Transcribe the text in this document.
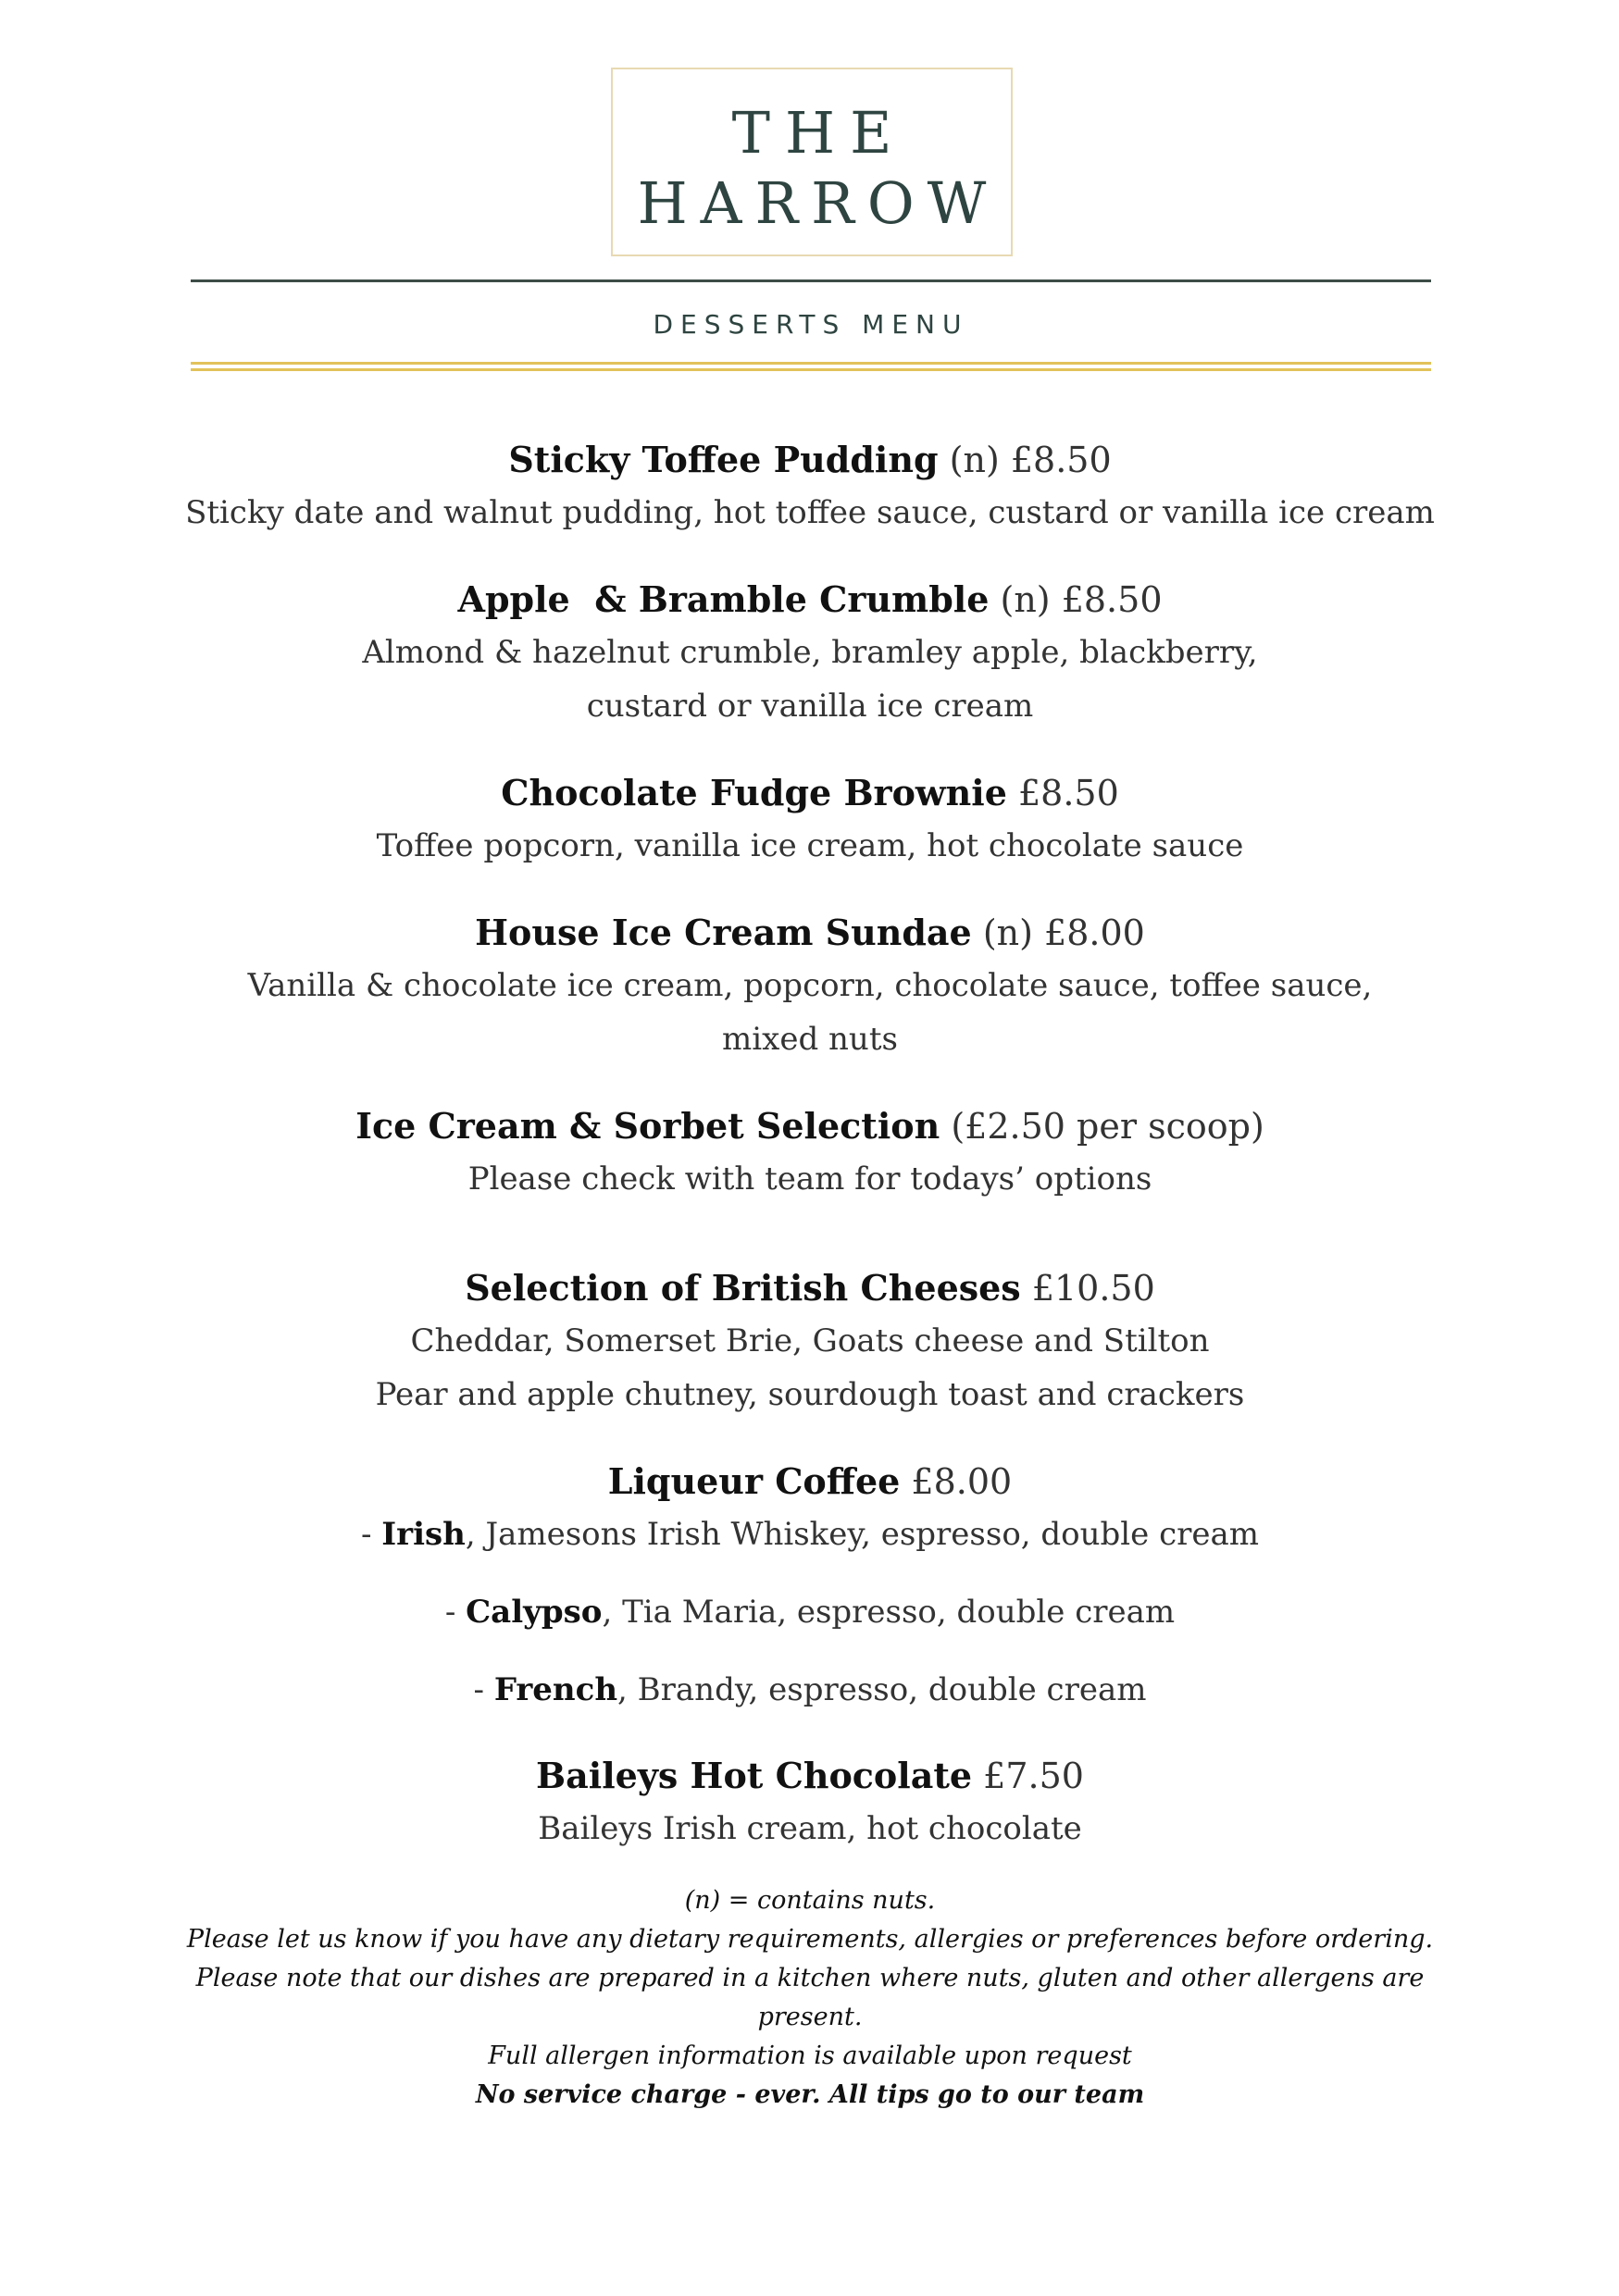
THE
HARROW
DESSERTS MENU
Sticky Toffee Pudding (n) £8.50
Sticky date and walnut pudding, hot toffee sauce, custard or vanilla ice cream
Apple  & Bramble Crumble (n) £8.50
Almond & hazelnut crumble, bramley apple, blackberry,
custard or vanilla ice cream
Chocolate Fudge Brownie £8.50
Toffee popcorn, vanilla ice cream, hot chocolate sauce
House Ice Cream Sundae (n) £8.00
Vanilla & chocolate ice cream, popcorn, chocolate sauce, toffee sauce,
mixed nuts
Ice Cream & Sorbet Selection (£2.50 per scoop)
Please check with team for todays’ options
Selection of British Cheeses £10.50
Cheddar, Somerset Brie, Goats cheese and Stilton
Pear and apple chutney, sourdough toast and crackers
Liqueur Coffee £8.00
- Irish, Jamesons Irish Whiskey, espresso, double cream
- Calypso, Tia Maria, espresso, double cream
- French, Brandy, espresso, double cream
Baileys Hot Chocolate £7.50
Baileys Irish cream, hot chocolate
(n) = contains nuts.
Please let us know if you have any dietary requirements, allergies or preferences before ordering.
Please note that our dishes are prepared in a kitchen where nuts, gluten and other allergens are present.
Full allergen information is available upon request
No service charge - ever. All tips go to our team
